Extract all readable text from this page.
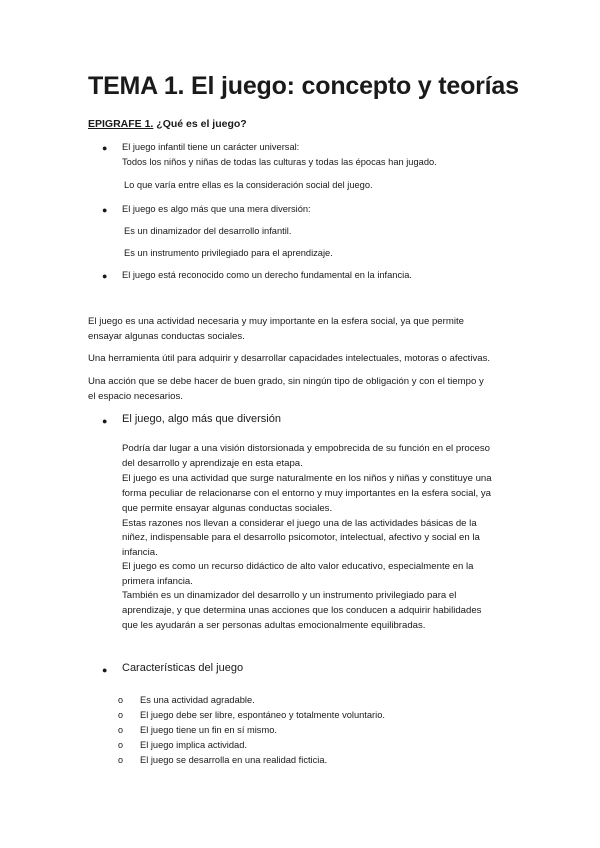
TEMA 1. El juego: concepto y teorías
EPIGRAFE 1. ¿Qué es el juego?
● El juego infantil tiene un carácter universal:
Todos los niños y niñas de todas las culturas y todas las épocas han jugado.
Lo que varía entre ellas es la consideración social del juego.
● El juego es algo más que una mera diversión:
Es un dinamizador del desarrollo infantil.
Es un instrumento privilegiado para el aprendizaje.
● El juego está reconocido como un derecho fundamental en la infancia.
El juego es una actividad necesaria y muy importante en la esfera social, ya que permite
ensayar algunas conductas sociales.
Una herramienta útil para adquirir y desarrollar capacidades intelectuales, motoras o afectivas.
Una acción que se debe hacer de buen grado, sin ningún tipo de obligación y con el tiempo y
el espacio necesarios.
● El juego, algo más que diversión
Podría dar lugar a una visión distorsionada y empobrecida de su función en el proceso
del desarrollo y aprendizaje en esta etapa.
El juego es una actividad que surge naturalmente en los niños y niñas y constituye una
forma peculiar de relacionarse con el entorno y muy importantes en la esfera social, ya
que permite ensayar algunas conductas sociales.
Estas razones nos llevan a considerar el juego una de las actividades básicas de la
niñez, indispensable para el desarrollo psicomotor, intelectual, afectivo y social en la
infancia.
El juego es como un recurso didáctico de alto valor educativo, especialmente en la
primera infancia.
También es un dinamizador del desarrollo y un instrumento privilegiado para el
aprendizaje, y que determina unas acciones que los conducen a adquirir habilidades
que les ayudarán a ser personas adultas emocionalmente equilibradas.
● Características del juego
o Es una actividad agradable.
o El juego debe ser libre, espontáneo y totalmente voluntario.
o El juego tiene un fin en sí mismo.
o El juego implica actividad.
o El juego se desarrolla en una realidad ficticia.
